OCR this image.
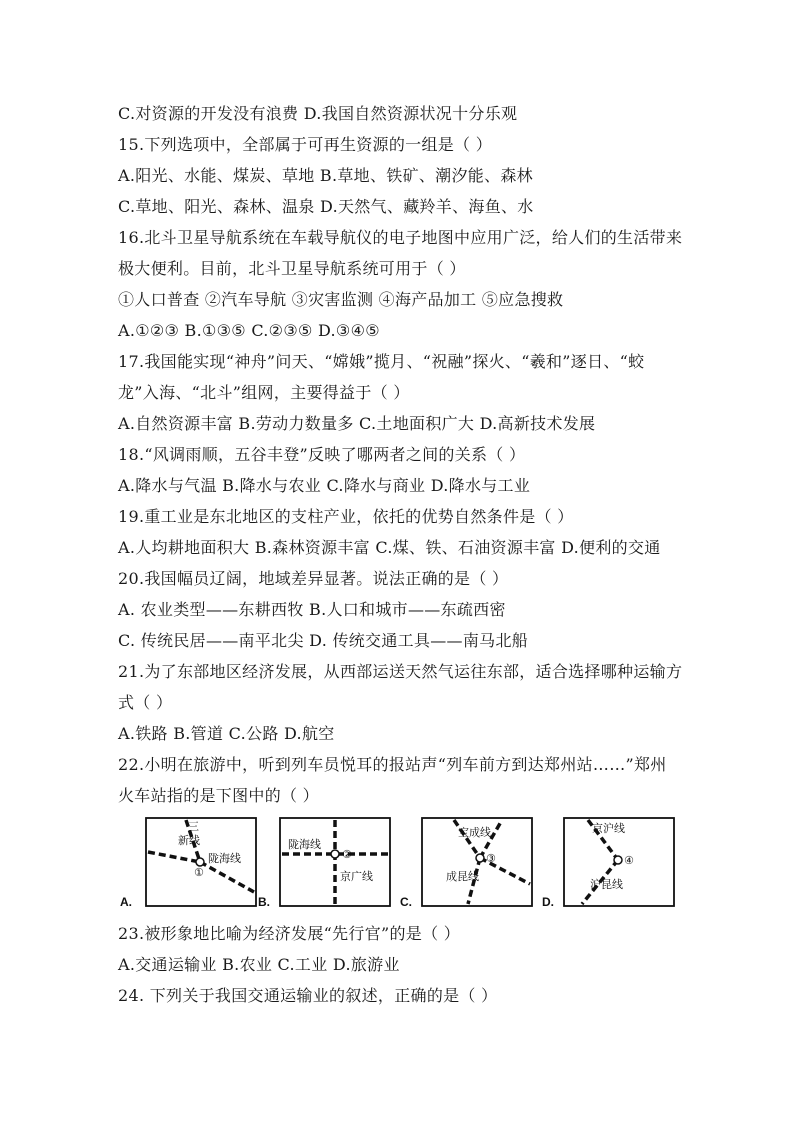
C.对资源的开发没有浪费 D.我国自然资源状况十分乐观
15.下列选项中，全部属于可再生资源的一组是（ ）
A.阳光、水能、煤炭、草地 B.草地、铁矿、潮汐能、森林
C.草地、阳光、森林、温泉 D.天然气、藏羚羊、海鱼、水
16.北斗卫星导航系统在车载导航仪的电子地图中应用广泛，给人们的生活带来
极大便利。目前，北斗卫星导航系统可用于（ ）
①人口普查 ②汽车导航 ③灾害监测 ④海产品加工 ⑤应急搜救
A.①②③ B.①③⑤ C.②③⑤ D.③④⑤
17.我国能实现“神舟”问天、“嫦娥”揽月、“祝融”探火、“羲和”逐日、“蛟
龙”入海、“北斗”组网，主要得益于（ ）
A.自然资源丰富 B.劳动力数量多 C.土地面积广大 D.高新技术发展
18.“风调雨顺，五谷丰登”反映了哪两者之间的关系（ ）
A.降水与气温 B.降水与农业 C.降水与商业 D.降水与工业
19.重工业是东北地区的支柱产业，依托的优势自然条件是（ ）
A.人均耕地面积大 B.森林资源丰富 C.煤、铁、石油资源丰富 D.便利的交通
20.我国幅员辽阔，地域差异显著。说法正确的是（ ）
A. 农业类型——东耕西牧 B.人口和城市——东疏西密
C. 传统民居——南平北尖 D. 传统交通工具——南马北船
21.为了东部地区经济发展，从西部运送天然气运往东部，适合选择哪种运输方
式（ ）
A.铁路 B.管道 C.公路 D.航空
22.小明在旅游中，听到列车员悦耳的报站声“列车前方到达郑州站……”郑州
火车站指的是下图中的（ ）
三
新线
陇海线
①
A.
陇海线
②
京广线
B.
宝成线
③
成昆线
C.
京沪线
④
沪昆线
D.
23.被形象地比喻为经济发展“先行官”的是（ ）
A.交通运输业 B.农业 C.工业 D.旅游业
24. 下列关于我国交通运输业的叙述，正确的是（ ）
